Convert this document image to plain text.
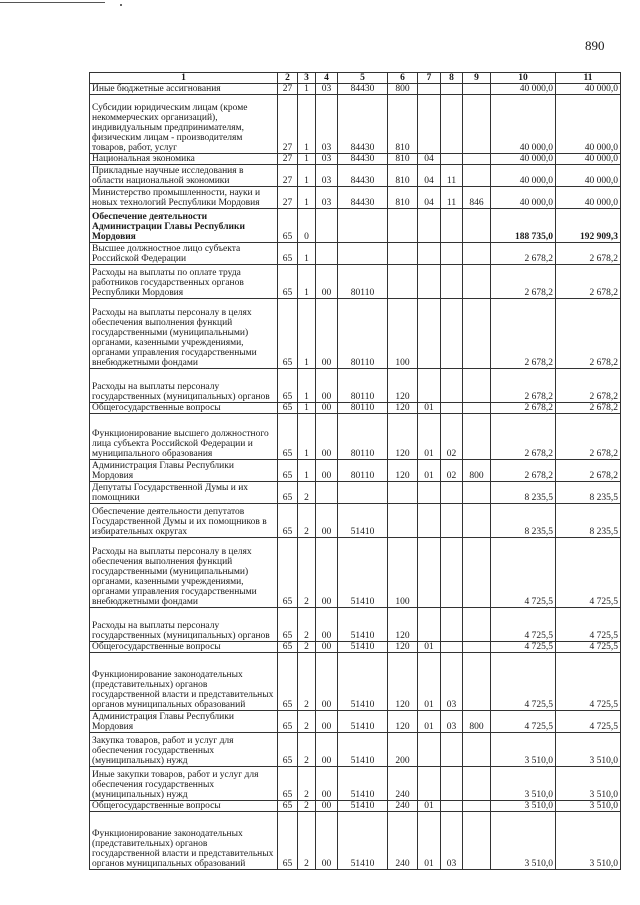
890
1	2	3	4	5	6	7	8	9	10	11
Иные бюджетные ассигнования	27	1	03	84430	800				40 000,0	40 000,0
Субсидии юридическим лицам (кроме некоммерческих организаций), индивидуальным предпринимателям, физическим лицам - производителям товаров, работ, услуг	27	1	03	84430	810				40 000,0	40 000,0
Национальная экономика	27	1	03	84430	810	04			40 000,0	40 000,0
Прикладные научные исследования в области национальной экономики	27	1	03	84430	810	04	11		40 000,0	40 000,0
Министерство промышленности, науки и новых технологий Республики Мордовия	27	1	03	84430	810	04	11	846	40 000,0	40 000,0
Обеспечение деятельности Администрации Главы Республики Мордовия	65	0							188 735,0	192 909,3
Высшее должностное лицо субъекта Российской Федерации	65	1							2 678,2	2 678,2
Расходы на выплаты по оплате труда работников государственных органов Республики Мордовия	65	1	00	80110					2 678,2	2 678,2
Расходы на выплаты персоналу в целях обеспечения выполнения функций государственными (муниципальными) органами, казенными учреждениями, органами управления государственными внебюджетными фондами	65	1	00	80110	100				2 678,2	2 678,2
Расходы на выплаты персоналу государственных (муниципальных) органов	65	1	00	80110	120				2 678,2	2 678,2
Общегосударственные вопросы	65	1	00	80110	120	01			2 678,2	2 678,2
Функционирование высшего должностного лица субъекта Российской Федерации и муниципального образования	65	1	00	80110	120	01	02		2 678,2	2 678,2
Администрация Главы Республики Мордовия	65	1	00	80110	120	01	02	800	2 678,2	2 678,2
Депутаты Государственной Думы и их помощники	65	2							8 235,5	8 235,5
Обеспечение деятельности депутатов Государственной Думы и их помощников в избирательных округах	65	2	00	51410					8 235,5	8 235,5
Расходы на выплаты персоналу в целях обеспечения выполнения функций государственными (муниципальными) органами, казенными учреждениями, органами управления государственными внебюджетными фондами	65	2	00	51410	100				4 725,5	4 725,5
Расходы на выплаты персоналу государственных (муниципальных) органов	65	2	00	51410	120				4 725,5	4 725,5
Общегосударственные вопросы	65	2	00	51410	120	01			4 725,5	4 725,5
Функционирование законодательных (представительных) органов государственной власти и представительных органов муниципальных образований	65	2	00	51410	120	01	03		4 725,5	4 725,5
Администрация Главы Республики Мордовия	65	2	00	51410	120	01	03	800	4 725,5	4 725,5
Закупка товаров, работ и услуг для обеспечения государственных (муниципальных) нужд	65	2	00	51410	200				3 510,0	3 510,0
Иные закупки товаров, работ и услуг для обеспечения государственных (муниципальных) нужд	65	2	00	51410	240				3 510,0	3 510,0
Общегосударственные вопросы	65	2	00	51410	240	01			3 510,0	3 510,0
Функционирование законодательных (представительных) органов государственной власти и представительных органов муниципальных образований	65	2	00	51410	240	01	03		3 510,0	3 510,0
